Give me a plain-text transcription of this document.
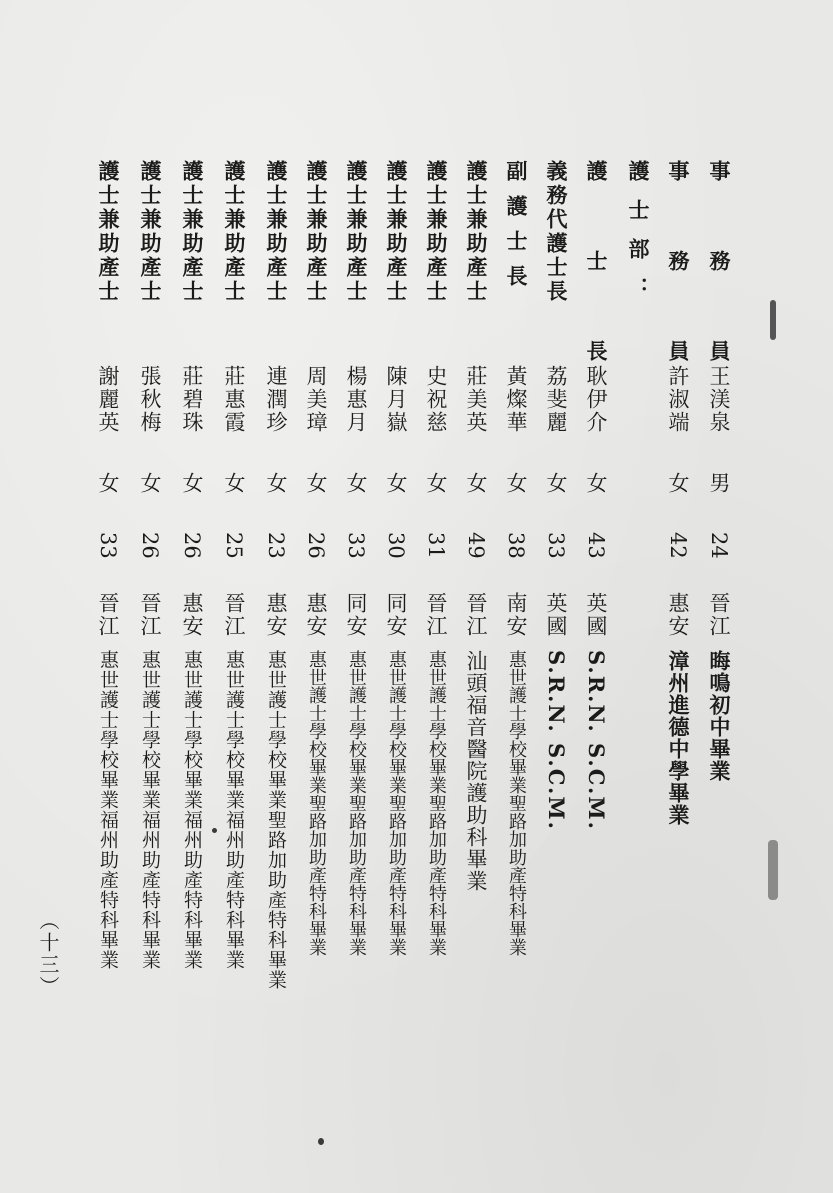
事 務 員
王渼泉
男
24
晉江
晦鳴初中畢業
事 務 員
許淑端
女
42
惠安
漳州進德中學畢業
護士部：
護 士 長
耿伊介
女
43
英國
S.R.N. S.C.M.
義務代護士長
荔斐麗
女
33
英國
S.R.N. S.C.M.
副護士長
黃燦華
女
38
南安
惠世護士學校畢業聖路加助產特科畢業
護士兼助產士
莊美英
女
49
晉江
汕頭福音醫院護助科畢業
護士兼助產士
史祝慈
女
31
晉江
惠世護士學校畢業聖路加助產特科畢業
護士兼助產士
陳月嶽
女
30
同安
惠世護士學校畢業聖路加助產特科畢業
護士兼助產士
楊惠月
女
33
同安
惠世護士學校畢業聖路加助產特科畢業
護士兼助產士
周美璋
女
26
惠安
惠世護士學校畢業聖路加助產特科畢業
護士兼助產士
連潤珍
女
23
惠安
惠世護士學校畢業聖路加助產特科畢業
護士兼助產士
莊惠霞
女
25
晉江
惠世護士學校畢業福州助產特科畢業
護士兼助產士
莊碧珠
女
26
惠安
惠世護士學校畢業福州助產特科畢業
護士兼助產士
張秋梅
女
26
晉江
惠世護士學校畢業福州助產特科畢業
護士兼助產士
謝麗英
女
33
晉江
惠世護士學校畢業福州助產特科畢業
（十三）
